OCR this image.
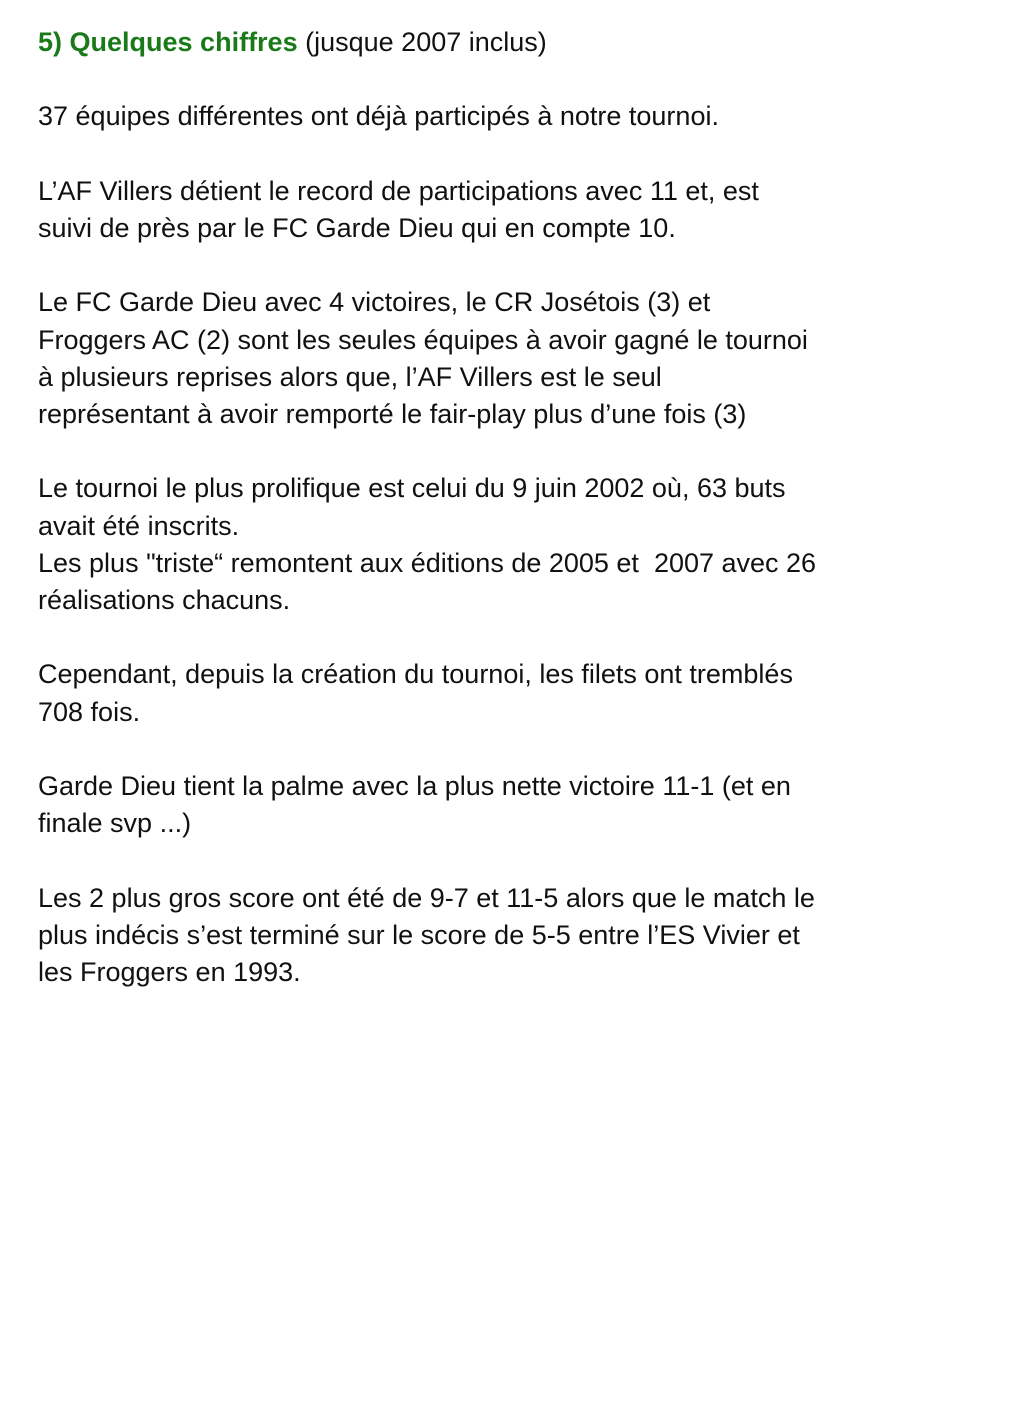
5) Quelques chiffres (jusque 2007 inclus)
37 équipes différentes ont déjà participés à notre tournoi.
L’AF Villers détient le record de participations avec 11 et, est
suivi de près par le FC Garde Dieu qui en compte 10.
Le FC Garde Dieu avec 4 victoires, le CR Josétois (3) et
Froggers AC (2) sont les seules équipes à avoir gagné le tournoi
à plusieurs reprises alors que, l’AF Villers est le seul
représentant à avoir remporté le fair-play plus d’une fois (3)
Le tournoi le plus prolifique est celui du 9 juin 2002 où, 63 buts
avait été inscrits.
Les plus "triste“ remontent aux éditions de 2005 et  2007 avec 26
réalisations chacuns.
Cependant, depuis la création du tournoi, les filets ont tremblés
708 fois.
Garde Dieu tient la palme avec la plus nette victoire 11-1 (et en
finale svp ...)
Les 2 plus gros score ont été de 9-7 et 11-5 alors que le match le
plus indécis s’est terminé sur le score de 5-5 entre l’ES Vivier et
les Froggers en 1993.
